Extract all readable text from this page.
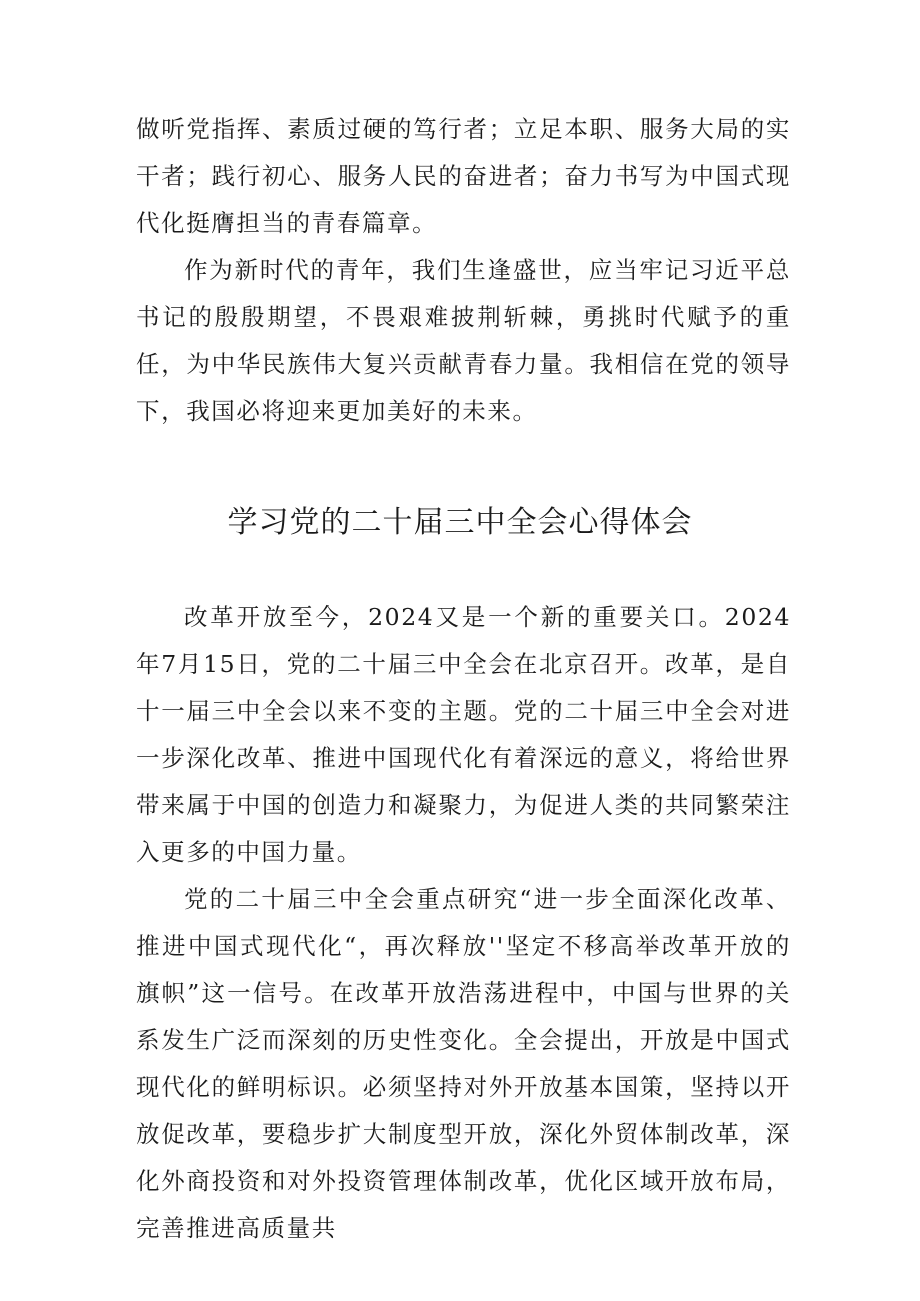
做听党指挥、素质过硬的笃行者；立足本职、服务大局的实干者；践行初心、服务人民的奋进者；奋力书写为中国式现代化挺膺担当的青春篇章。

作为新时代的青年，我们生逢盛世，应当牢记习近平总书记的殷殷期望，不畏艰难披荆斩棘，勇挑时代赋予的重任，为中华民族伟大复兴贡献青春力量。我相信在党的领导下，我国必将迎来更加美好的未来。

学习党的二十届三中全会心得体会

改革开放至今，2024又是一个新的重要关口。2024年7月15日，党的二十届三中全会在北京召开。改革，是自十一届三中全会以来不变的主题。党的二十届三中全会对进一步深化改革、推进中国现代化有着深远的意义，将给世界带来属于中国的创造力和凝聚力，为促进人类的共同繁荣注入更多的中国力量。

党的二十届三中全会重点研究“进一步全面深化改革、推进中国式现代化“，再次释放''坚定不移高举改革开放的旗帜”这一信号。在改革开放浩荡进程中，中国与世界的关系发生广泛而深刻的历史性变化。全会提出，开放是中国式现代化的鲜明标识。必须坚持对外开放基本国策，坚持以开放促改革，要稳步扩大制度型开放，深化外贸体制改革，深化外商投资和对外投资管理体制改革，优化区域开放布局，完善推进高质量共
